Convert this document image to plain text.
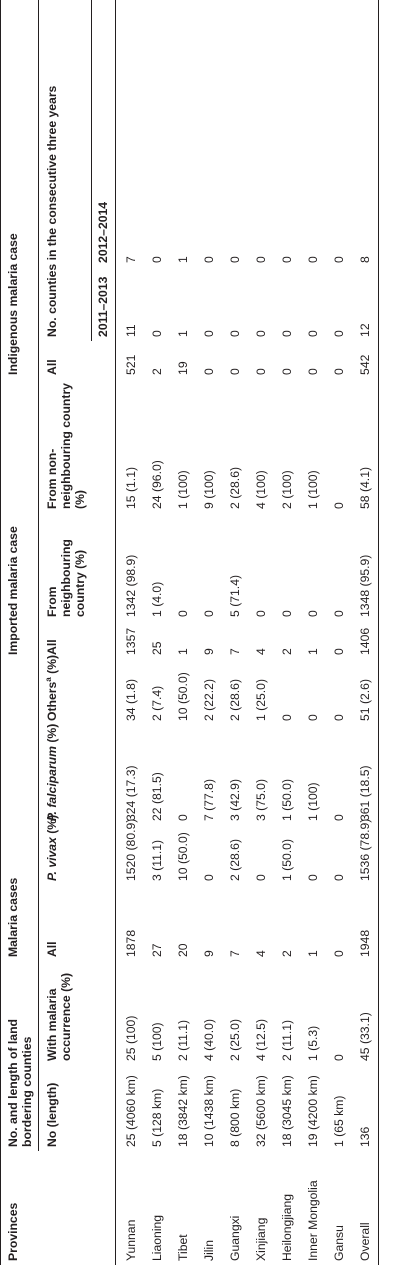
Provinces	No. and length of land bordering counties		Malaria cases				Imported malaria case			Indigenous malaria case		
	No (length)	With malaria occurrence (%)	All	P. vivax (%)	P. falciparum (%)	Others$^a$ (%)	All	From neighbouring country (%)	From non-neighbouring country (%)	All	No. counties in the consecutive three years	
											2011–2013	2012–2014
Yunnan	25 (4060 km)	25 (100)	1878	1520 (80.9)	324 (17.3)	34 (1.8)	1357	1342 (98.9)	15 (1.1)	521	11	7
Liaoning	5 (128 km)	5 (100)	27	3 (11.1)	22 (81.5)	2 (7.4)	25	1 (4.0)	24 (96.0)	2	0	0
Tibet	18 (3842 km)	2 (11.1)	20	10 (50.0)	0	10 (50.0)	1	0	1 (100)	19	1	1
Jilin	10 (1438 km)	4 (40.0)	9	0	7 (77.8)	2 (22.2)	9	0	9 (100)	0	0	0
Guangxi	8 (800 km)	2 (25.0)	7	2 (28.6)	3 (42.9)	2 (28.6)	7	5 (71.4)	2 (28.6)	0	0	0
Xinjiang	32 (5600 km)	4 (12.5)	4	0	3 (75.0)	1 (25.0)	4	0	4 (100)	0	0	0
Heilongjiang	18 (3045 km)	2 (11.1)	2	1 (50.0)	1 (50.0)	0	2	0	2 (100)	0	0	0
Inner Mongolia	19 (4200 km)	1 (5.3)	1	0	1 (100)	0	1	0	1 (100)	0	0	0
Gansu	1 (65 km)	0	0	0	0	0	0	0	0	0	0	0
Overall	136	45 (33.1)	1948	1536 (78.9)	361 (18.5)	51 (2.6)	1406	1348 (95.9)	58 (4.1)	542	12	8
